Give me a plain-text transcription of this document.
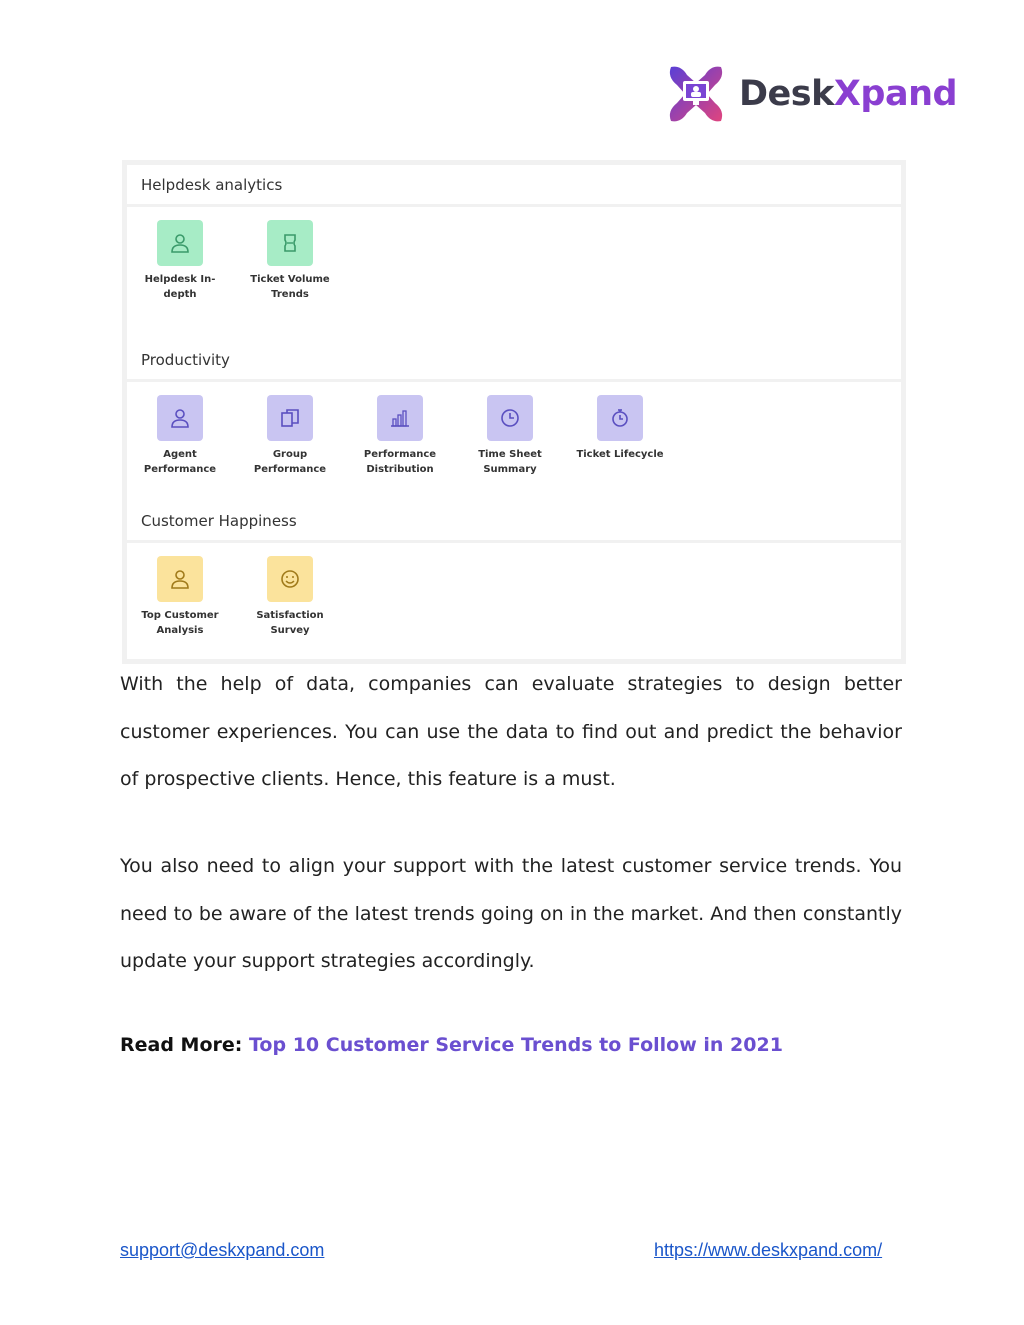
DeskXpand
Helpdesk analytics
Helpdesk In-depth
Ticket Volume Trends
Productivity
Agent Performance
Group Performance
Performance Distribution
Time Sheet Summary
Ticket Lifecycle
Customer Happiness
Top Customer Analysis
Satisfaction Survey

With the help of data, companies can evaluate strategies to design better customer experiences. You can use the data to find out and predict the behavior of prospective clients. Hence, this feature is a must.

You also need to align your support with the latest customer service trends. You need to be aware of the latest trends going on in the market. And then constantly update your support strategies accordingly.

Read More: Top 10 Customer Service Trends to Follow in 2021

support@deskxpand.com	https://www.deskxpand.com/
